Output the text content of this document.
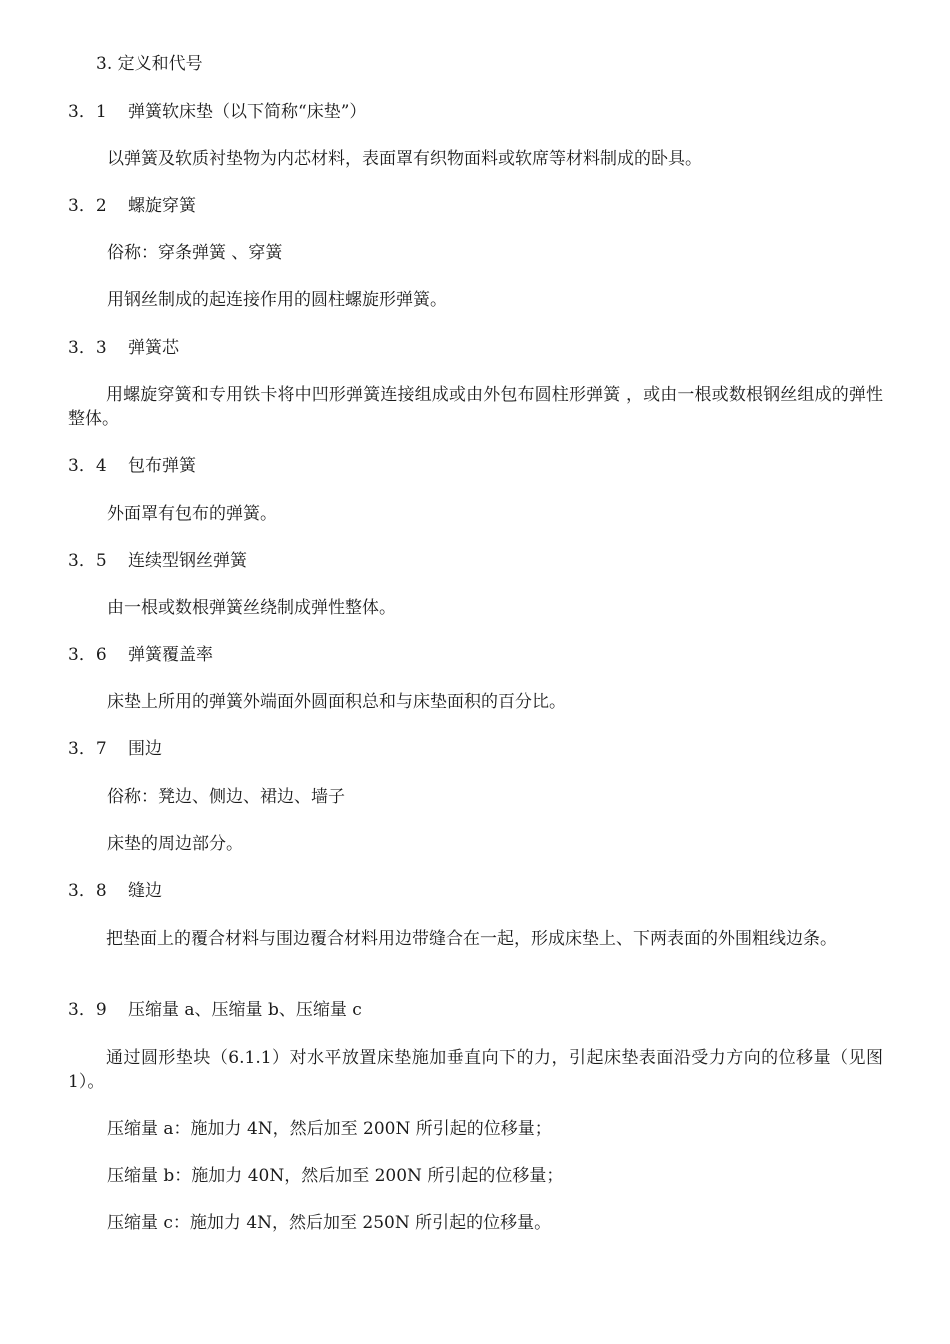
3. 定义和代号
3．1 弹簧软床垫（以下简称“床垫”）
以弹簧及软质衬垫物为内芯材料，表面罩有织物面料或软席等材料制成的卧具。
3．2 螺旋穿簧
俗称：穿条弹簧 、穿簧
用钢丝制成的起连接作用的圆柱螺旋形弹簧。
3．3 弹簧芯
用螺旋穿簧和专用铁卡将中凹形弹簧连接组成或由外包布圆柱形弹簧 ，或由一根或数根钢丝组成的弹性整体。
3．4 包布弹簧
外面罩有包布的弹簧。
3．5 连续型钢丝弹簧
由一根或数根弹簧丝绕制成弹性整体。
3．6 弹簧覆盖率
床垫上所用的弹簧外端面外圆面积总和与床垫面积的百分比。
3．7 围边
俗称：凳边、侧边、裙边、墙子
床垫的周边部分。
3．8 缝边
把垫面上的覆合材料与围边覆合材料用边带缝合在一起，形成床垫上、下两表面的外围粗线边条。
3．9 压缩量 a、压缩量 b、压缩量 c
通过圆形垫块（6.1.1）对水平放置床垫施加垂直向下的力，引起床垫表面沿受力方向的位移量（见图 1）。
压缩量 a：施加力 4N，然后加至 200N 所引起的位移量；
压缩量 b：施加力 40N，然后加至 200N 所引起的位移量；
压缩量 c：施加力 4N，然后加至 250N 所引起的位移量。
